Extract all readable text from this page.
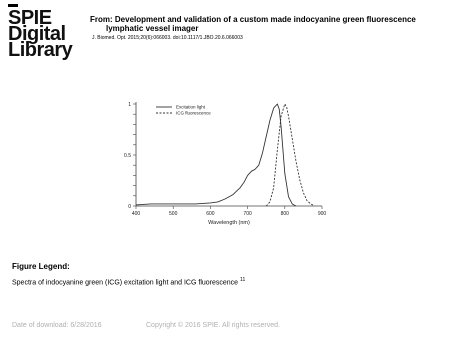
SPIE
Digital
Library
From: Development and validation of a custom made indocyanine green fluorescence
lymphatic vessel imager
J. Biomed. Opt. 2015;20(6):066003. doi:10.1117/1.JBO.20.6.066003
400	500	600	700	800	900
0
0.5
1
Wavelength (nm)
Excitation light
ICG fluorescence
Figure Legend:
Spectra of indocyanine green (ICG) excitation light and ICG fluorescence $^{11}$
Date of download: 6/28/2016	Copyright © 2016 SPIE. All rights reserved.
